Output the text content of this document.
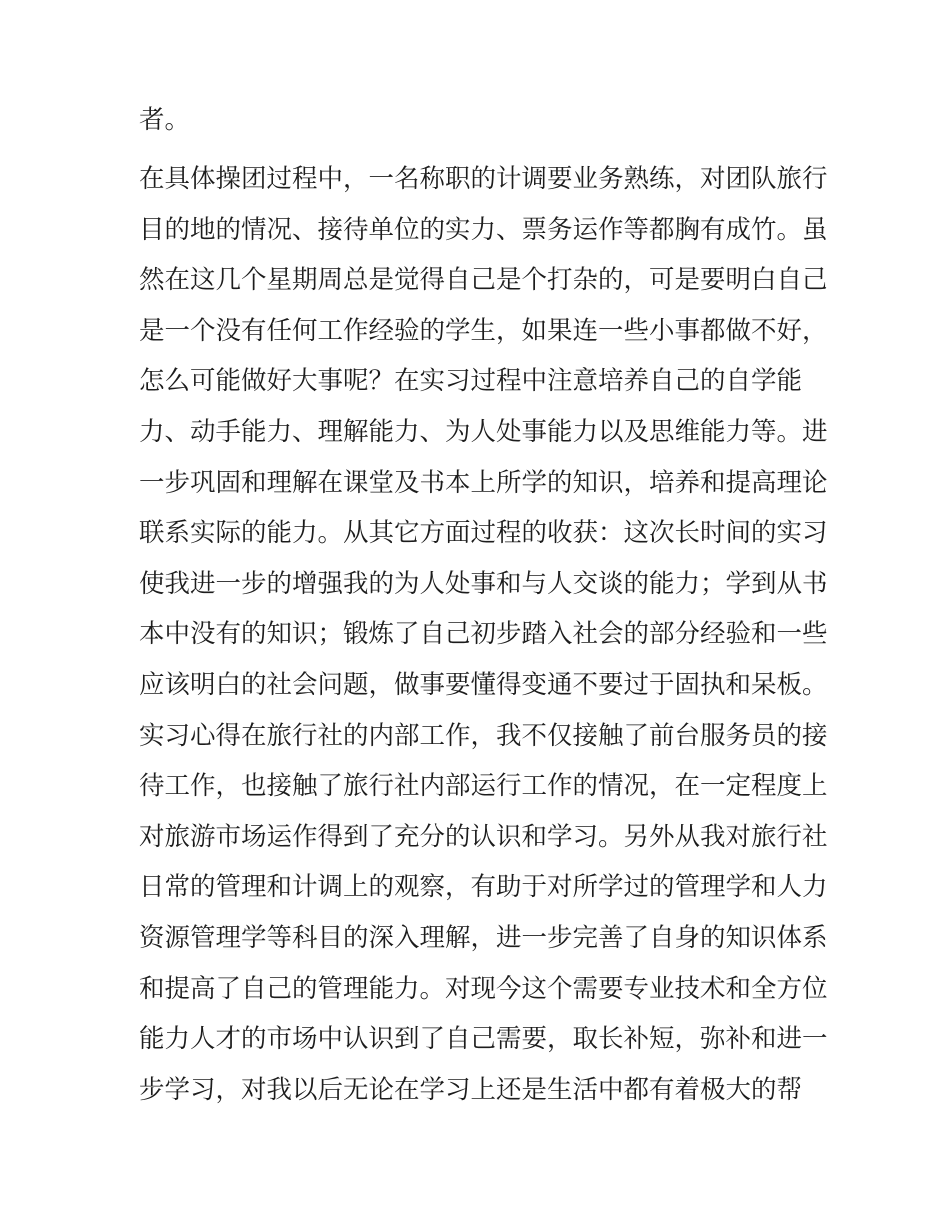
者。
在具体操团过程中，一名称职的计调要业务熟练，对团队旅行
目的地的情况、接待单位的实力、票务运作等都胸有成竹。虽
然在这几个星期周总是觉得自己是个打杂的，可是要明白自己
是一个没有任何工作经验的学生，如果连一些小事都做不好，
怎么可能做好大事呢？在实习过程中注意培养自己的自学能
力、动手能力、理解能力、为人处事能力以及思维能力等。进
一步巩固和理解在课堂及书本上所学的知识，培养和提高理论
联系实际的能力。从其它方面过程的收获：这次长时间的实习
使我进一步的增强我的为人处事和与人交谈的能力；学到从书
本中没有的知识；锻炼了自己初步踏入社会的部分经验和一些
应该明白的社会问题，做事要懂得变通不要过于固执和呆板。
实习心得在旅行社的内部工作，我不仅接触了前台服务员的接
待工作，也接触了旅行社内部运行工作的情况，在一定程度上
对旅游市场运作得到了充分的认识和学习。另外从我对旅行社
日常的管理和计调上的观察，有助于对所学过的管理学和人力
资源管理学等科目的深入理解，进一步完善了自身的知识体系
和提高了自己的管理能力。对现今这个需要专业技术和全方位
能力人才的市场中认识到了自己需要，取长补短，弥补和进一
步学习，对我以后无论在学习上还是生活中都有着极大的帮
